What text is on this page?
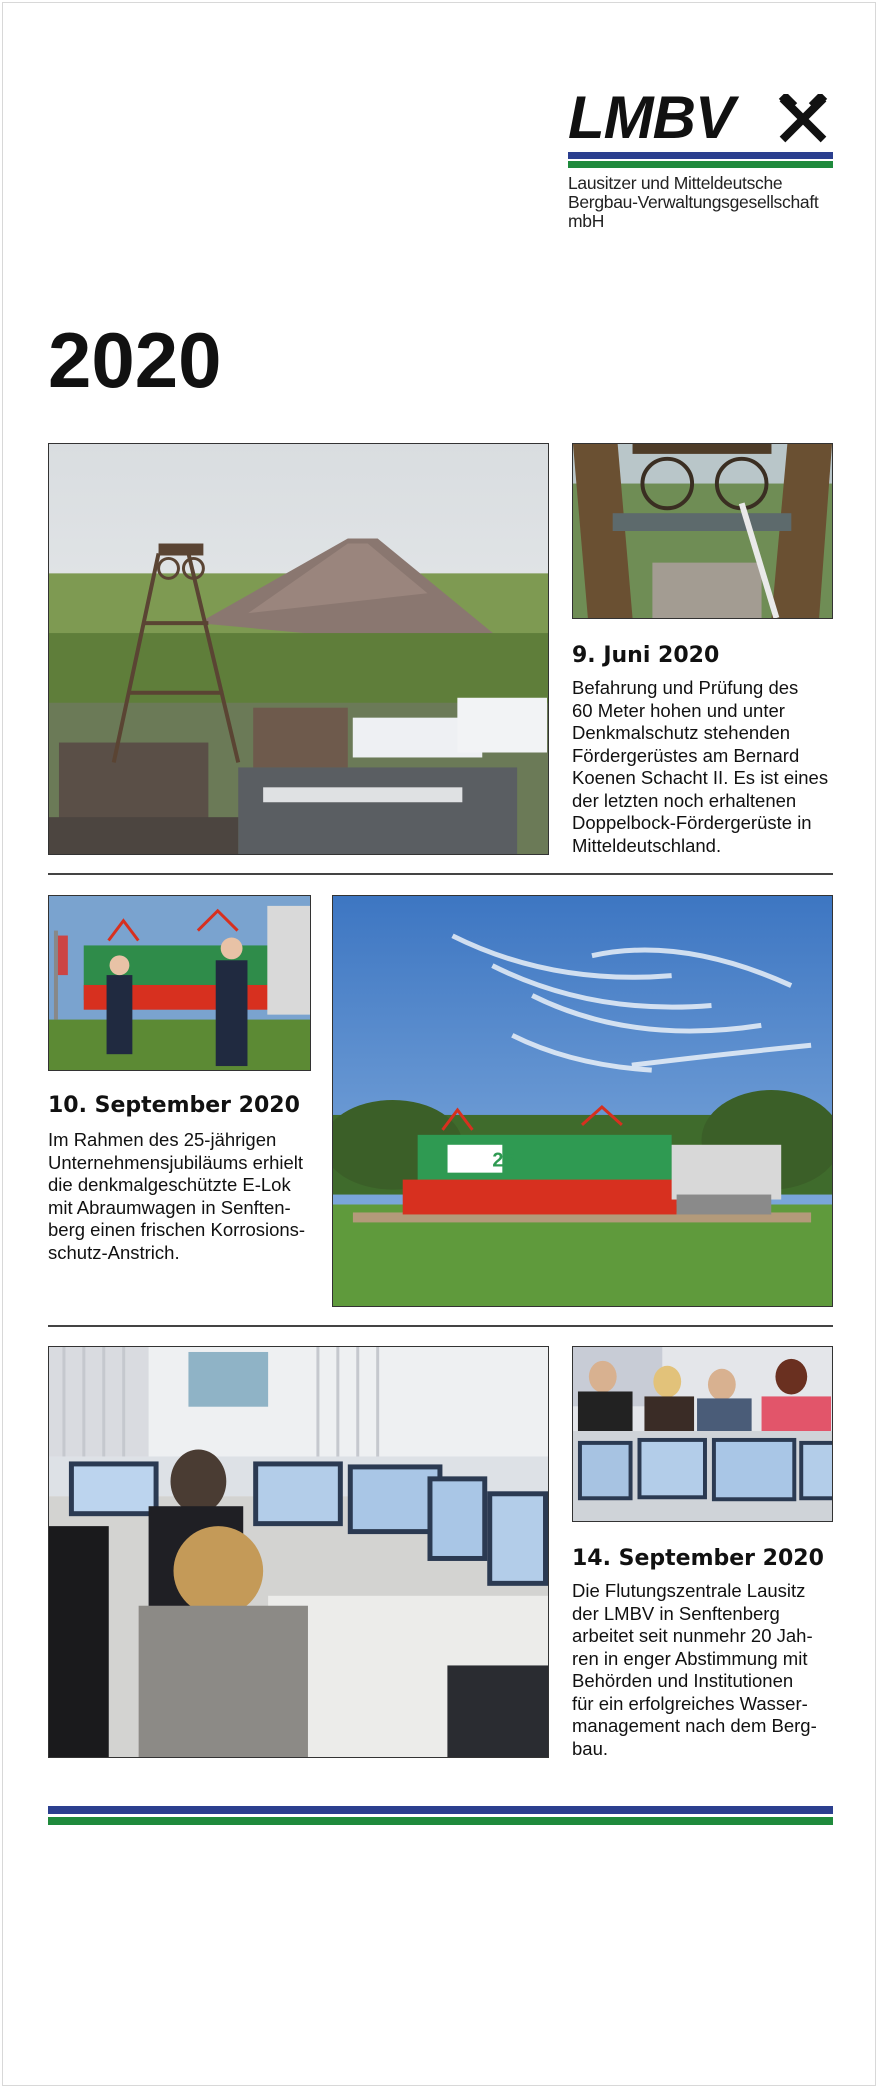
LMBV
Lausitzer und Mitteldeutsche
Bergbau-Verwaltungsgesellschaft mbH
2020
9. Juni 2020
Befahrung und Prüfung des
60 Meter hohen und unter
Denkmalschutz stehenden
Fördergerüstes am Bernard
Koenen Schacht II. Es ist eines
der letzten noch erhaltenen
Doppelbock-Fördergerüste in
Mitteldeutschland.
25
10. September 2020
Im Rahmen des 25-jährigen
Unternehmensjubiläums erhielt
die denkmalgeschützte E-Lok
mit Abraumwagen in Senften-
berg einen frischen Korrosions-
schutz-Anstrich.
14. September 2020
Die Flutungszentrale Lausitz
der LMBV in Senftenberg
arbeitet seit nunmehr 20 Jah-
ren in enger Abstimmung mit
Behörden und Institutionen
für ein erfolgreiches Wasser-
management nach dem Berg-
bau.
